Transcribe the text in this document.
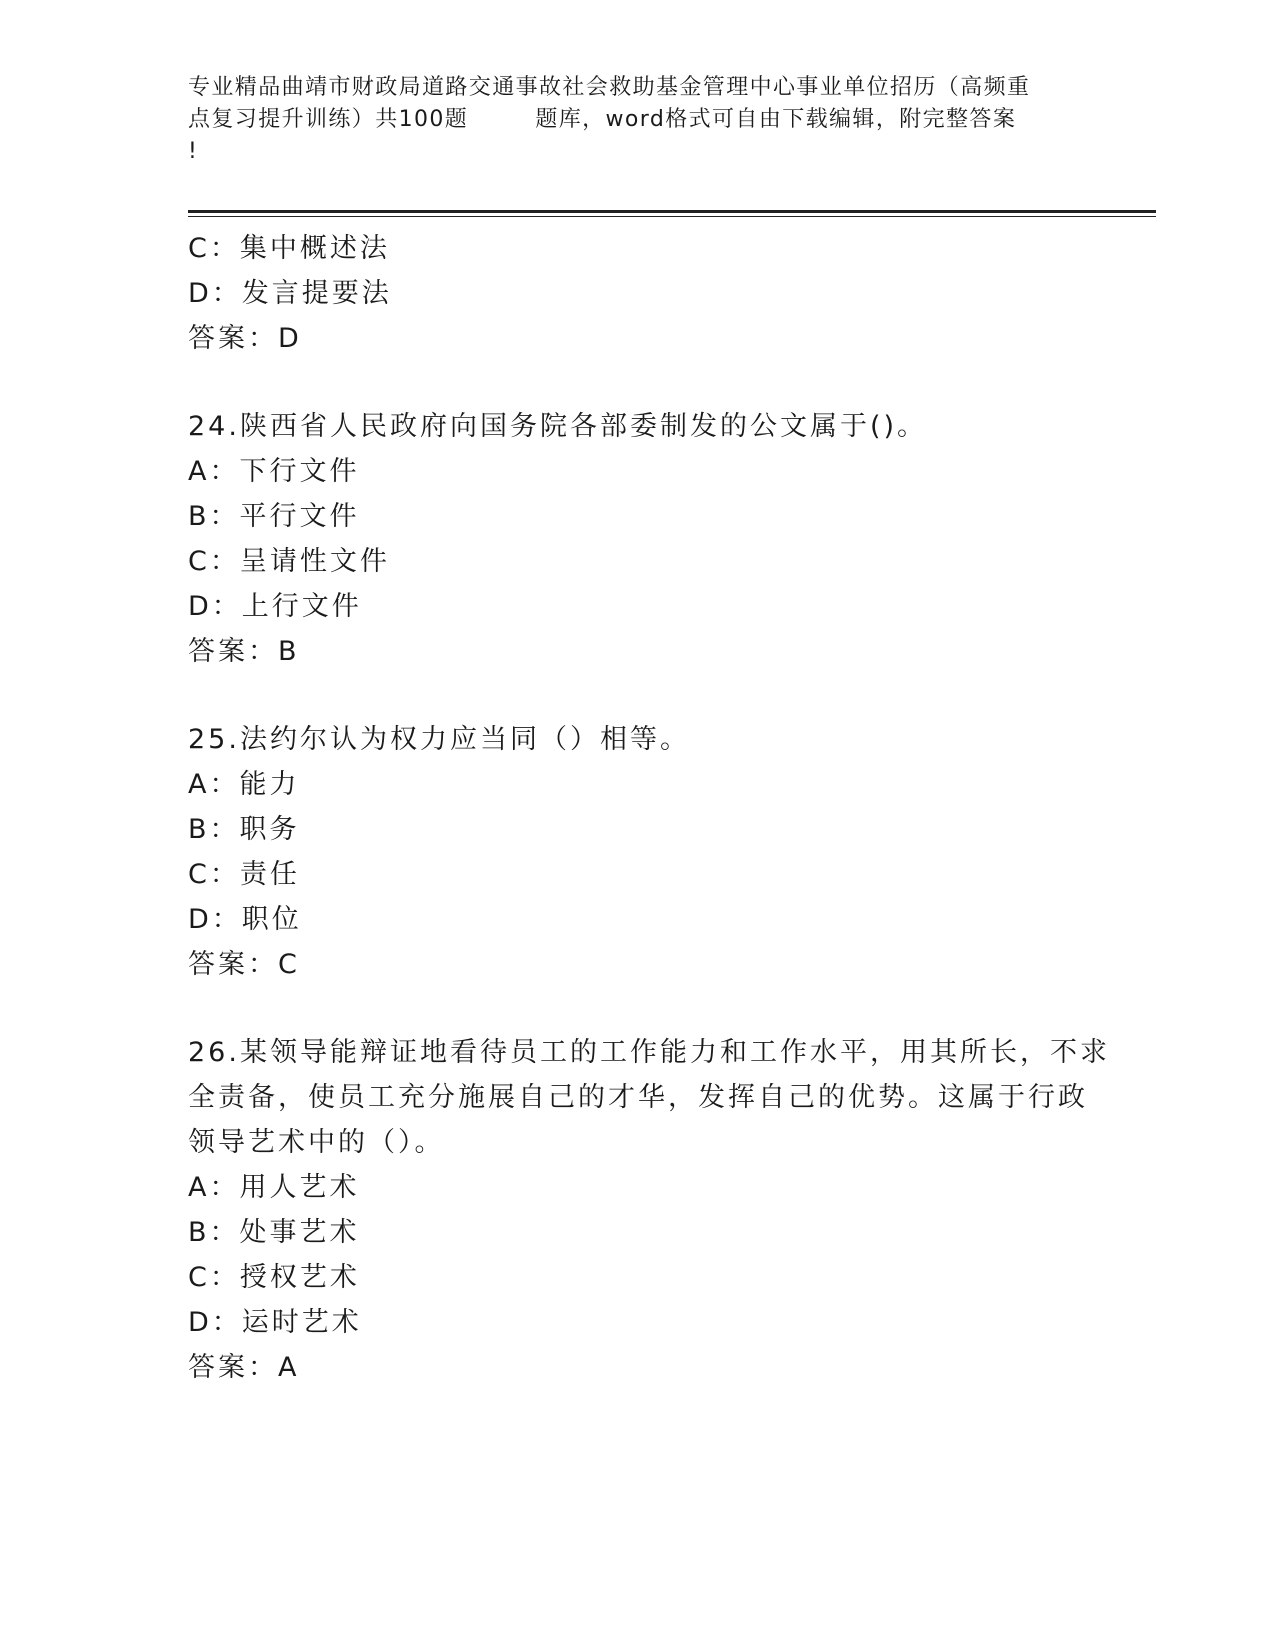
专业精品曲靖市财政局道路交通事故社会救助基金管理中心事业单位招历（高频重
点复习提升训练）共100题        题库，word格式可自由下载编辑，附完整答案
!
C：集中概述法
D：发言提要法
答案：D
24.陕西省人民政府向国务院各部委制发的公文属于()。
A：下行文件
B：平行文件
C：呈请性文件
D：上行文件
答案：B
25.法约尔认为权力应当同（）相等。
A：能力
B：职务
C：责任
D：职位
答案：C
26.某领导能辩证地看待员工的工作能力和工作水平，用其所长，不求
全责备，使员工充分施展自己的才华，发挥自己的优势。这属于行政
领导艺术中的（）。
A：用人艺术
B：处事艺术
C：授权艺术
D：运时艺术
答案：A
